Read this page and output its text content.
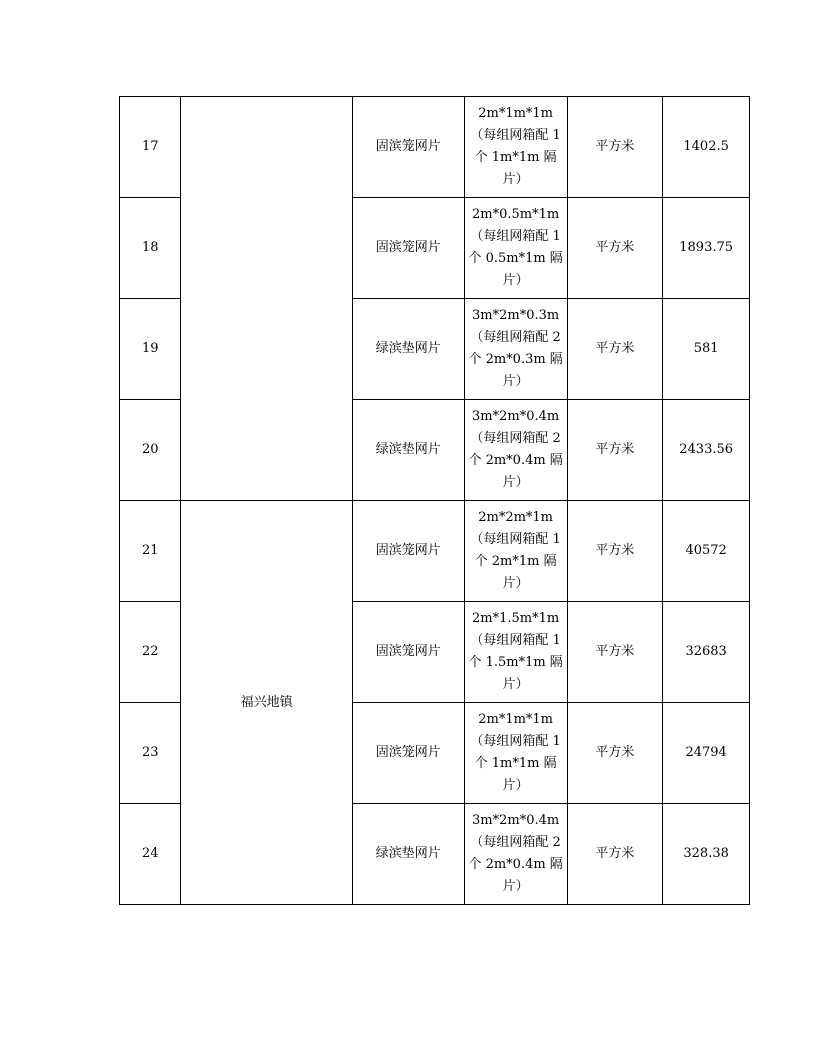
17		固滨笼网片	2m*1m*1m（每组网箱配 1 个 1m*1m 隔片）	平方米	1402.5
18		固滨笼网片	2m*0.5m*1m（每组网箱配 1 个 0.5m*1m 隔片）	平方米	1893.75
19		绿滨垫网片	3m*2m*0.3m（每组网箱配 2 个 2m*0.3m 隔片）	平方米	581
20		绿滨垫网片	3m*2m*0.4m（每组网箱配 2 个 2m*0.4m 隔片）	平方米	2433.56
21	福兴地镇	固滨笼网片	2m*2m*1m（每组网箱配 1 个 2m*1m 隔片）	平方米	40572
22		固滨笼网片	2m*1.5m*1m（每组网箱配 1 个 1.5m*1m 隔片）	平方米	32683
23		固滨笼网片	2m*1m*1m（每组网箱配 1 个 1m*1m 隔片）	平方米	24794
24		绿滨垫网片	3m*2m*0.4m（每组网箱配 2 个 2m*0.4m 隔片）	平方米	328.38
